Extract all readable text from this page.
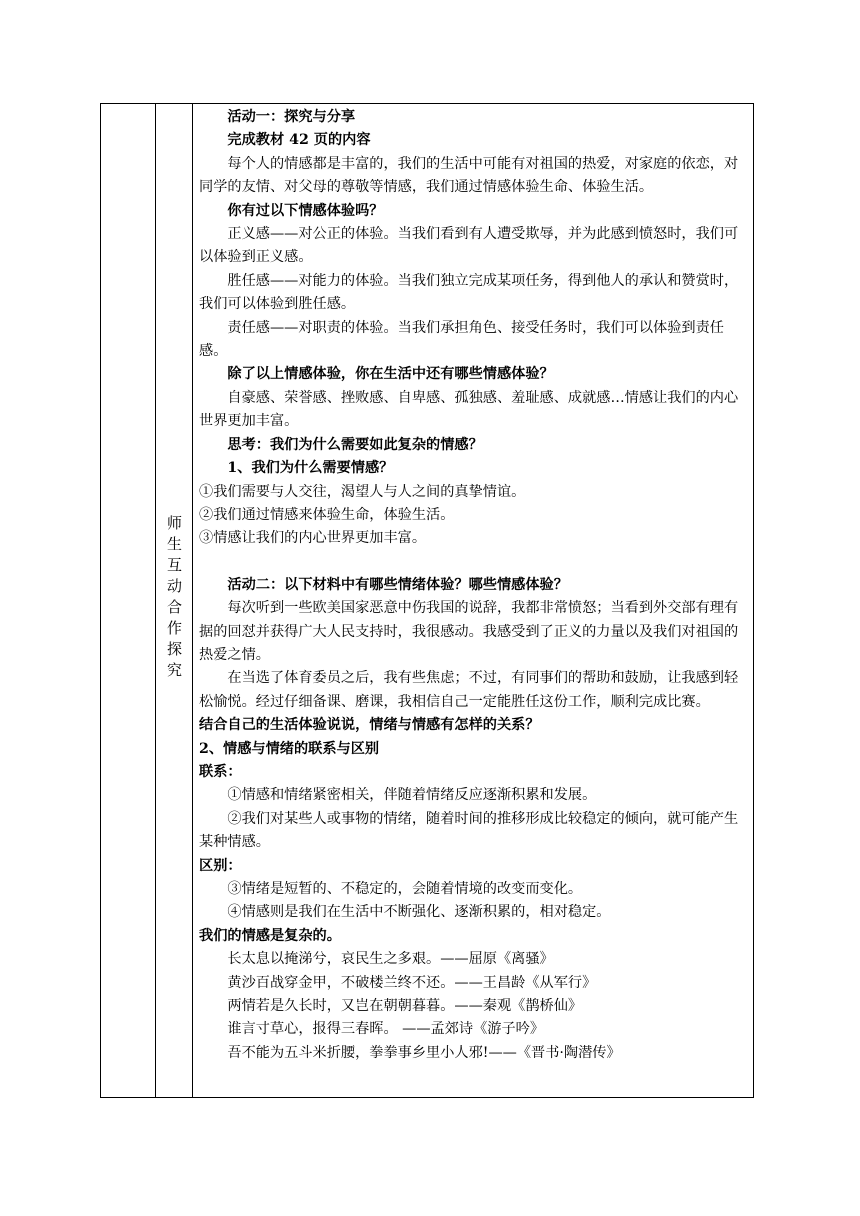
	师生互动合作探究	

活动一：探究与分享

完成教材 42 页的内容

每个人的情感都是丰富的，我们的生活中可能有对祖国的热爱，对家庭的依恋，对同学的友情、对父母的尊敬等情感，我们通过情感体验生命、体验生活。

你有过以下情感体验吗？

正义感——对公正的体验。当我们看到有人遭受欺辱，并为此感到愤怒时，我们可以体验到正义感。

胜任感——对能力的体验。当我们独立完成某项任务，得到他人的承认和赞赏时，我们可以体验到胜任感。

责任感——对职责的体验。当我们承担角色、接受任务时，我们可以体验到责任感。

除了以上情感体验，你在生活中还有哪些情感体验？

自豪感、荣誉感、挫败感、自卑感、孤独感、羞耻感、成就感…情感让我们的内心世界更加丰富。

思考：我们为什么需要如此复杂的情感？

1、我们为什么需要情感？

①我们需要与人交往，渴望人与人之间的真挚情谊。

②我们通过情感来体验生命，体验生活。

③情感让我们的内心世界更加丰富。

活动二：以下材料中有哪些情绪体验？哪些情感体验？

每次听到一些欧美国家恶意中伤我国的说辞，我都非常愤怒；当看到外交部有理有据的回怼并获得广大人民支持时，我很感动。我感受到了正义的力量以及我们对祖国的热爱之情。

在当选了体育委员之后，我有些焦虑；不过，有同事们的帮助和鼓励，让我感到轻松愉悦。经过仔细备课、磨课，我相信自己一定能胜任这份工作，顺利完成比赛。

结合自己的生活体验说说，情绪与情感有怎样的关系？

2、情感与情绪的联系与区别

联系：

①情感和情绪紧密相关，伴随着情绪反应逐渐积累和发展。

②我们对某些人或事物的情绪，随着时间的推移形成比较稳定的倾向，就可能产生某种情感。

区别：

③情绪是短暂的、不稳定的，会随着情境的改变而变化。

④情感则是我们在生活中不断强化、逐渐积累的，相对稳定。

我们的情感是复杂的。

长太息以掩涕兮，哀民生之多艰。——屈原《离骚》

黄沙百战穿金甲，不破楼兰终不还。——王昌龄《从军行》

两情若是久长时，又岂在朝朝暮暮。——秦观《鹊桥仙》

谁言寸草心，报得三春晖。 ——孟郊诗《游子吟》

吾不能为五斗米折腰，拳拳事乡里小人邪!——《晋书·陶潜传》
